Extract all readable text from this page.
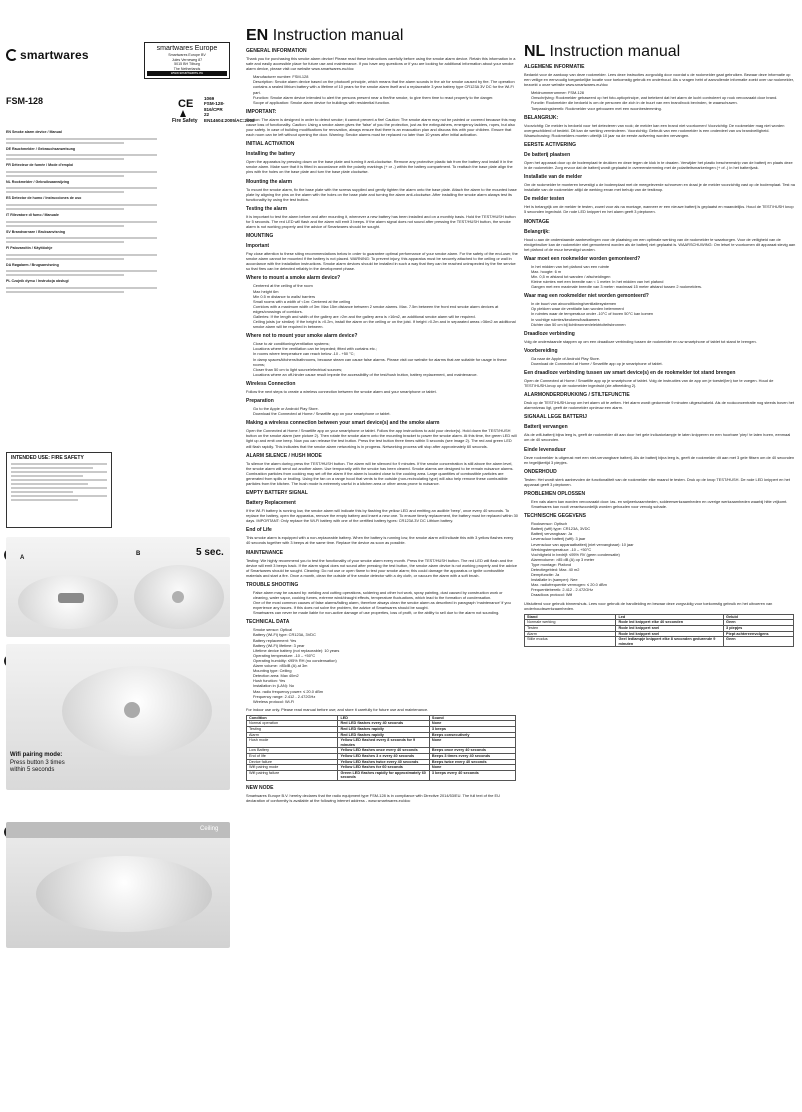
smartwares	smartwares Europe
Smartwares Europe BV
Jules Verneweg 87
5015 BH Tilburg
The Netherlands
www.smartwares.eu
FSM-128	CE 1069
FSM-128-816/CPR
22
EN14604:2005/AC:2008
Fire Safety
EN Smoke alarm device / Manual
DE Rauchmelder / Gebrauchsanweisung
FR Détecteur de fumée / Mode d'emploi
NL Rookmelder / Gebruiksaanwijzing
ES Detector de humo / Instrucciones de uso
IT Rilevatore di fumo / Manuale
SV Brandvarnare / Bruksanvisning
FI Palovaroitin / Käyttöohje
DA Røgalarm / Brugsanvisning
PL Czujnik dymu / Instrukcja obsługi
INTENDED USE: FIRE SAFETY
A
B	5 sec.
Wifi pairing mode:
Press button 3 times
within 5 seconds
Ceiling
EN Instruction manual
GENERAL INFORMATION

Thank you for purchasing this smoke alarm device! Please read these instructions carefully before using the smoke alarm device. Retain this information in a safe and easily accessible place for future use and maintenance. If you have any questions or if you are looking for additional information about your smoke alarm device, please visit our website www.smartwares.eu/doc

• Manufacturer number: FSM-128
• Description: Smoke alarm device based on the photocell principle, which means that the alarm sounds in the air for smoke caused by fire. The operation contains a sealed lithium battery with a lifetime of 10 years for the smoke alarm itself and a replaceable 3 year battery type CR123A 3V DC for the Wi-Fi part.
• Function: Smoke alarm device intended to alert the persons present near a fire/the smoke, to give them time to react properly to the danger.
• Scope of application: Smoke alarm device for buildings with residential function.
IMPORTANT:

Caution: The alarm is designed in order to detect smoke; it cannot prevent a fire! Caution: The smoke alarm may not be painted or covered because this may cause loss of functionality. Caution: Using a smoke alarm gives the 'false' of you the protection, just as fire extinguishers, emergency ladders, ropes, but also your safety. In case of building modifications for renovation, always ensure that there is an evacuation plan and discuss this with your children. Ensure that each room can be left without opening the door. Warning: Smoke alarms must be replaced no later than 10 years after initial activation.

INITIAL ACTIVATION
Installing the battery

Open the apparatus by pressing down on the base plate and turning it anti-clockwise. Remove any protective plastic tab from the battery and install it in the smoke alarm. Make sure that it is fitted in accordance with the polarity markings (+ or -) within the battery compartment. To reattach the base plate align the pins with the holes on the base plate and turn the base plate clockwise.

Mounting the alarm

To mount the smoke alarm, fix the base plate with the screws supplied and gently tighten the alarm onto the base plate. Attach the alarm to the mounted base plate by aligning the pins on the alarm with the holes on the base plate and turning the alarm anti-clockwise. After installing the smoke alarm always test its functionality by using the test button.

Testing the alarm

It is important to test the alarm before and after mounting it, whenever a new battery has been installed and on a monthly basis. Hold the TEST/HUSH button for 5 seconds. The red LED will flash and the alarm will emit 3 beeps. If the alarm signal does not sound after pressing the TEST/HUSH button, the smoke alarm is not working properly and the advice of Smartwares should be sought.

MOUNTING
Important

Pay close attention to these siting recommendations below in order to guarantee optimal performance of your smoke alarm. For the safety of the end-user, the smoke alarm cannot be mounted if the battery is not placed. WARNING: To prevent injury, this apparatus must be securely attached to the ceiling or wall in accordance with the installation instructions. Smoke alarm devices should be installed in such a way that they can be reached uninspected by the fire service so that fires can be detected reliably in the development phase.

Where to mount a smoke alarm device?
• Centered at the ceiling of the room
• Max height 6m
• Min 0.5 m distance to walls/ barriers
• Small rooms with a width of <1m: Centered at the ceiling
• Corridors with a maximum width of 3m: Max 15m distance between 2 smoke alarms. Max. 7.5m between the front end smoke alarm devices at edges/crossings of corridors.
• Galleries: If the length and width of the gallery are >2m and the gallery area is >16m2, an additional smoke alarm will be required.
• Ceiling joists (or similar): If the height is >0.2m, install the alarm on the ceiling or on the joist. If height >0.2m and in separated areas >36m2 an additional smoke alarm will be required in between.
Where not to mount your smoke alarm device?
• Close to air conditioning/ventilation systems;
• Locations where the ventilation can be impeded; fitted with curtains etc.;
• In rooms where temperature can reach below -10 - +50 °C;
• In damp spaces/kitchens/bathrooms, because steam can cause false alarms. Please visit our website for alarms that are suitable for usage in these rooms;
• Closer than 50 cm to light source/electrical sources;
• Locations where an off-hinder cause result impede the accessibility of the test/hush button, battery replacement, and maintenance.
Wireless Connection

Follow the next steps to create a wireless connection between the smoke alarm and your smartphone or tablet.

Preparation
• Go to the Apple or Android Play Store.
• Download the Connected at Home / Smartlife app on your smartphone or tablet.
Making a wireless connection between your smart device(s) and the smoke alarm

Open the Connected at Home / Smartlife app on your smartphone or tablet. Follow the app instructions to add your device(s). Hold down the TEST/HUSH button on the smoke alarm (see picture 2). Then rotate the smoke alarm onto the mounting bracket to power the smoke alarm. At this time, the green LED will light up and emit one beep. Now you can release the test button. Press the test button three times within 5 seconds (see image 2). The red and green LED will flash rapidly. This indicates that the smoke alarm networking is in progress. Networking process will stop after approximately 60 seconds.

ALARM SILENCE / HUSH MODE

To silence the alarm during press the TEST/HUSH button. The alarm will be silenced for 9 minutes. If the smoke concentration is still above the alarm level, the smoke alarm will send out another alarm. Use temporarily with the smoke has been cleared. Smoke alarms are designed to be remain nuisance alarms. Combustion particles from cooking may set off the alarm if the alarm is located close to the cooking area. Large quantities of combustible particles are generated from spills or broiling. Using the fan on a range hood that vents to the outside (non-recirculating type) will also help remove these combustible particles from the kitchen. The hush mode is extremely useful in a kitchen area or other areas prone to nuisance.

EMPTY BATTERY SIGNAL
Battery Replacement

If the Wi-Fi battery is running low, the smoke alarm will indicate this by flashing the yellow LED and emitting an audible 'beep', once every 40 seconds. To replace the battery, open the apparatus, remove the empty battery and insert a new one. To ensure timely replacement, the battery must be replaced within 30 days. IMPORTANT: Only replace the Wi-Fi battery with one of the certified battery types: CR123A 3V DC Lithium battery.

End of Life

This smoke alarm is equipped with a non-replaceable battery. When the battery is running low, the smoke alarm will indicate this with 3 yellow flashes every 40 seconds together with 3 beeps at the same time. Replace the device as soon as possible.

MAINTENANCE

Testing: We highly recommend you to test the functionality of your smoke alarm every month. Press the TEST/HUSH button. The red LED will flash and the device will emit 3 beeps back. If the alarm signal does not sound after pressing the test button, the smoke alarm device is not working properly and the advice of Smartwares should be sought. Cleaning: Do not use or open flame to test your smoke alarm; this could damage the apparatus or ignite combustible materials and start a fire. Once a month, clean the outside of the smoke detector with a dry cloth, or vacuum the alarm with a soft brush.

TROUBLE SHOOTING
• False alarm may be caused by: welding and cutting operations, soldering and other hot work, spray painting, dust caused by construction work or cleaning, water vapor, cooking fumes, extreme wind/draught effects, temperature fluctuations, which lead to the formation of condensation.
• One of the most common causes of false alarms/failing alarm, therefore always clean the smoke alarm as described in paragraph 'maintenance' if you experience any issues. If this does not solve the problem, the advice of Smartwares should be sought.
• Smartwares can never be made liable for non-active damage of use properties, loss of profit, or the ability to sell due to the alarm not sounding.
TECHNICAL DATA
• Smoke sensor: Optical
• Battery (Wi-Fi) type: CR123A, 3VDC
• Battery replacement: Yes
• Battery (Wi-Fi) lifetime: 3 year
• Lifetime device battery (not replaceable): 10 years
• Operating temperature: -10 – +50°C
• Operating humidity: ≤95% RH (no condensation)
• Alarm volume: >85dB (A) at 3m
• Mounting type: Ceiling
• Detection area: Max 40m2
• Hush function: Yes
• Installation in (LAN): No
• Max. radio frequency power: ≤ 20.0 dBm
• Frequency range: 2.412 - 2.472GHz
• Wireless protocol: Wi-Fi

For indoor use only. Please read manual before use; and store it carefully for future use and maintenance.

Condition	LED	Sound
Normal operation	Red LED flashes every 40 seconds	None
Testing	Red LED flashes rapidly	3 beeps
Alarm	Red LED flashes rapidly	Beeps consecutively
Hush mode	Yellow LED flashed every 8 seconds for 9 minutes	None
Low Battery	Yellow LED flashes once every 40 seconds	Beeps once every 40 seconds
End of life	Yellow LED flashes 3 x every 40 seconds	Beeps 3 times every 40 seconds
Device failure	Yellow LED flashes twice every 40 seconds	Beeps twice every 40 seconds
Wifi pairing mode	Yellow LED flashes for 60 seconds	None
Wifi pairing failure	Green LED flashes rapidly for approximately 60 seconds	3 beeps every 40 seconds
NEW NODE

Smartwares Europe B.V. hereby declares that the radio equipment type FSM-128 is in compliance with Directive 2014/53/EU. The full text of the EU declaration of conformity is available at the following internet address - www.smartwares.eu/doc

NL Instruction manual
ALGEMENE INFORMATIE

Bedankt voor de aankoop van deze rookmelder. Lees deze instructies zorgvuldig door voordat u de rookmelder gaat gebruiken. Bewaar deze informatie op een veilige en eenvoudig toegankelijke locatie voor toekomstig gebruik en onderhoud. Als u vragen hebt of aanvullende informatie zoekt over uw rookmelder, bezoekt u onze website www.smartwares.eu/doc

• Meldnummerummer: FSM-128
• Omschrijving: Rookmelder gebaseerd op het foto-opticprincipe, wat betekent dat het alarm de lucht controleert op rook veroorzaakt door brand.
• Functie: Rookmelder die bedoeld is om de personen die zich in de buurt van een brand/rook bevinden, te waarschuwen.
• Toepassingsbereik: Rookmelder voor gebouwen met een woonbestemming.
BELANGRIJK:

Voorzichtig: De melder is bedoeld voor het detecteren van rook; de melder kan een brand niet voorkomen! Voorzichtig: De rookmelder mag niet worden overgeschilderd of bedekt. Dit kan de werking verminderen. Voorzichtig: Gebruik van een rookmelder is een onderdeel van uw brandveiligheid. Waarschuwing: Rookmelders moeten uiterlijk 10 jaar na de eerste activering worden vervangen.

EERSTE ACTIVERING
De batterij plaatsen

Open het apparaat door op de bodemplaat te drukken en deze tegen de klok in te draaien. Verwijder het plastic beschermstrip van de batterij en plaats deze in de rookmelder. Zorg ervoor dat de batterij wordt geplaatst in overeenstemming met de polariteitsmarkeringen (+ of -) in het batterijvak.

Installatie van de melder

Om de rookmelder te monteren bevestigt u de bodemplaat met de meegeleverde schroeven en draai je de melder voorzichtig vast op de bodemplaat. Test na installatie van de rookmelder altijd de werking ervan met behulp van de testknop.

De melder testen

Het is belangrijk om de melder te testen, zowel voor als na montage, wanneer er een nieuwe batterij is geplaatst en maandelijks. Houd de TEST/HUSH knop 5 seconden ingedrukt. De rode LED knippert en het alarm geeft 3 pieptonen.

MONTAGE
Belangrijk:

Houd u aan de onderstaande aanbevelingen voor de plaatsing om een optimale werking van de rookmelder te waarborgen. Voor de veiligheid van de eindgebruiker kan de rookmelder niet gemonteerd worden als de batterij niet geplaatst is. WAARSCHUWING: Om letsel te voorkomen dit apparaat stevig aan het plafond of de muur bevestigd worden.

Waar moet een rookmelder worden gemonteerd?
• In het midden van het plafond van een ruimte
• Max. hoogte: 6 m
• Min. 0,5 m afstand tot wanden / afscheidingen
• Kleine ruimtes met een breedte van < 1 meter: In het midden van het plafond
• Gangen met een maximale breedte van 3 meter: maximaal 15 meter afstand tussen 2 rookmelders.
Waar mag een rookmelder niet worden gemonteerd?
• In de buurt van airconditioning/ventilatiesystemen
• Op plekken waar de ventilatie kan worden belemmerd
• In ruimtes waar de temperatuur onder -10°C of boven 50°C kan komen
• In vochtige ruimtes/keukens/badkamers
• Dichter dan 50 cm bij lichtbronnen/elektriciteitsbronnen
Draadloze verbinding

Volg de onderstaande stappen op om een draadloze verbinding tussen de rookmelder en uw smartphone of tablet tot stand te brengen.

Voorbereiding
• Ga naar de Apple of Android Play Store.
• Download de Connected at Home / Smartlife app op je smartphone of tablet.
Een draadloze verbinding tussen uw smart device(s) en de rookmelder tot stand brengen

Open de Connected at Home / Smartlife app op je smartphone of tablet. Volg de instructies van de app om je toestel(len) toe te voegen. Houd de TEST/HUSH-knop op de rookmelder ingedrukt (zie afbeelding 2).

ALARMONDERDRUKKING / STILTEFUNCTIE

Druk op de TEST/HUSH-knop om het alarm uit te zetten. Het alarm wordt gedurende 9 minuten uitgeschakeld. Als de rookconcentratie nog steeds boven het alarmniveau ligt, geeft de rookmelder opnieuw een alarm.

SIGNAAL LEGE BATTERIJ
Batterij vervangen

Als de wifi-batterij bijna leeg is, geeft de rookmelder dit aan door het gele indicatorlampje te laten knipperen en een hoorbare 'piep' te laten horen, eenmaal om de 40 seconden.

Einde levensduur

Deze rookmelder is uitgerust met een niet-vervangbare batterij. Als de batterij bijna leeg is, geeft de rookmelder dit aan met 3 gele flitsen om de 40 seconden en tegelijkertijd 3 piepjes.

ONDERHOUD

Testen: Het wordt sterk aanbevolen de functionaliteit van de rookmelder elke maand te testen. Druk op de knop TEST/HUSH. De rode LED knippert en het apparaat geeft 3 pieptonen.

PROBLEMEN OPLOSSEN
• Een vals alarm kan worden veroorzaakt door: las- en snijwerkzaamheden, soldeerwerkzaamheden en overige werkzaamheden waarbij hitte vrijkomt.
• Smartwares kan nooit verantwoordelijk worden gehouden voor vervolg schade.
TECHNISCHE GEGEVENS
• Rooksensor: Optisch
• Batterij (wifi) type: CR123A, 3VDC
• Batterij vervangbaar: Ja
• Levensduur batterij (wifi): 3 jaar
• Levensduur van apparaatbatterij (niet vervangbaar): 10 jaar
• Werkingstemperatuur: -10 – +50°C
• Vochtigheid in bedrijf: ≤95% RV (geen condensatie)
• Alarmvolume: >85 dB (A) op 3 meter
• Type montage: Plafond
• Detectiegebied: Max. 40 m2
• Dempfunctie: Ja
• Installatie in (samper): Nee
• Max. radiofrequentie vermogen: ≤ 20.0 dBm
• Frequentiebereik: 2.412 - 2.472GHz
• Draadloos protocol: Wifi

Uitsluitend voor gebruik binnenshuis. Lees voor gebruik de handleiding en bewaar deze zorgvuldig voor toekomstig gebruik en het uitvoeren van onderhoudswerkzaamheden.

Stand	Led	Geluid
Normale werking	Rode led knippert elke 40 seconden	Geen
Testen	Rode led knippert snel	3 piepjes
Alarm	Rode led knippert snel	Piept achtereenvolgens
Stille modus	Geel ledlampje knippert elke 8 seconden gedurende 9 minuten	Geen
